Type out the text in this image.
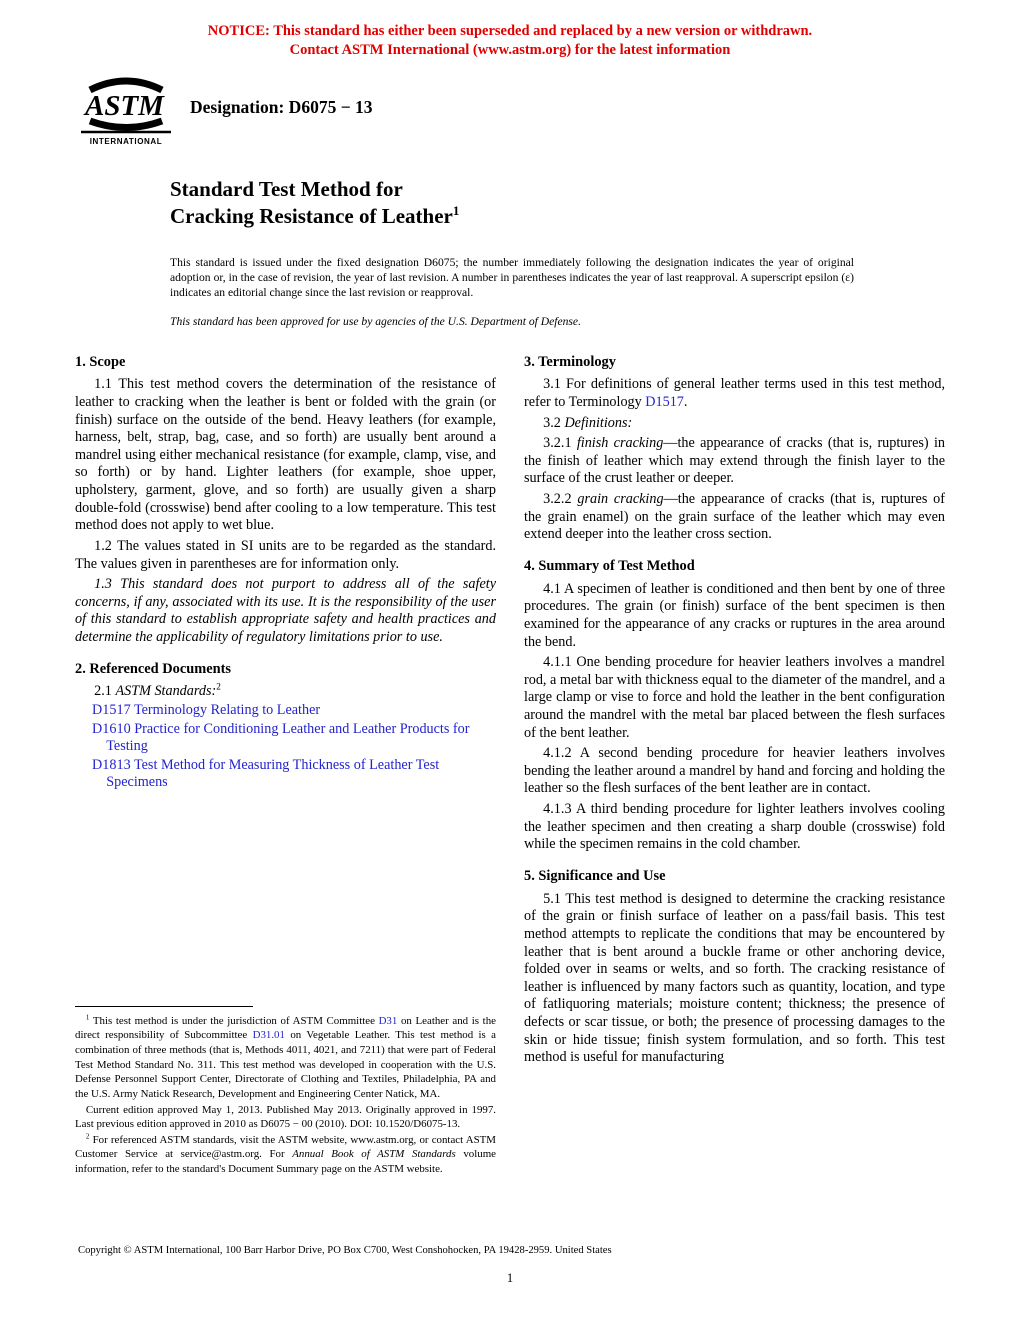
NOTICE: This standard has either been superseded and replaced by a new version or withdrawn.
Contact ASTM International (www.astm.org) for the latest information
ASTM
INTERNATIONAL
Designation: D6075 − 13
Standard Test Method for
Cracking Resistance of Leather$^1$

This standard is issued under the fixed designation D6075; the number immediately following the designation indicates the year of original adoption or, in the case of revision, the year of last revision. A number in parentheses indicates the year of last reapproval. A superscript epsilon (ε) indicates an editorial change since the last revision or reapproval.

This standard has been approved for use by agencies of the U.S. Department of Defense.

1. Scope

1.1 This test method covers the determination of the resistance of leather to cracking when the leather is bent or folded with the grain (or finish) surface on the outside of the bend. Heavy leathers (for example, harness, belt, strap, bag, case, and so forth) are usually bent around a mandrel using either mechanical resistance (for example, clamp, vise, and so forth) or by hand. Lighter leathers (for example, shoe upper, upholstery, garment, glove, and so forth) are usually given a sharp double-fold (crosswise) bend after cooling to a low temperature. This test method does not apply to wet blue.

1.2 The values stated in SI units are to be regarded as the standard. The values given in parentheses are for information only.

1.3 This standard does not purport to address all of the safety concerns, if any, associated with its use. It is the responsibility of the user of this standard to establish appropriate safety and health practices and determine the applicability of regulatory limitations prior to use.

2. Referenced Documents

2.1 ASTM Standards:$^2$

D1517 Terminology Relating to Leather

D1610 Practice for Conditioning Leather and Leather Products for Testing

D1813 Test Method for Measuring Thickness of Leather Test Specimens

$^1$ This test method is under the jurisdiction of ASTM Committee D31 on Leather and is the direct responsibility of Subcommittee D31.01 on Vegetable Leather. This test method is a combination of three methods (that is, Methods 4011, 4021, and 7211) that were part of Federal Test Method Standard No. 311. This test method was developed in cooperation with the U.S. Defense Personnel Support Center, Directorate of Clothing and Textiles, Philadelphia, PA and the U.S. Army Natick Research, Development and Engineering Center Natick, MA.

Current edition approved May 1, 2013. Published May 2013. Originally approved in 1997. Last previous edition approved in 2010 as D6075 − 00 (2010). DOI: 10.1520/D6075-13.

$^2$ For referenced ASTM standards, visit the ASTM website, www.astm.org, or contact ASTM Customer Service at service@astm.org. For Annual Book of ASTM Standards volume information, refer to the standard's Document Summary page on the ASTM website.

3. Terminology

3.1 For definitions of general leather terms used in this test method, refer to Terminology D1517.

3.2 Definitions:

3.2.1 finish cracking—the appearance of cracks (that is, ruptures) in the finish of leather which may extend through the finish layer to the surface of the crust leather or deeper.

3.2.2 grain cracking—the appearance of cracks (that is, ruptures of the grain enamel) on the grain surface of the leather which may even extend deeper into the leather cross section.

4. Summary of Test Method

4.1 A specimen of leather is conditioned and then bent by one of three procedures. The grain (or finish) surface of the bent specimen is then examined for the appearance of any cracks or ruptures in the area around the bend.

4.1.1 One bending procedure for heavier leathers involves a mandrel rod, a metal bar with thickness equal to the diameter of the mandrel, and a large clamp or vise to force and hold the leather in the bent configuration around the mandrel with the metal bar placed between the flesh surfaces of the bent leather.

4.1.2 A second bending procedure for heavier leathers involves bending the leather around a mandrel by hand and forcing and holding the leather so the flesh surfaces of the bent leather are in contact.

4.1.3 A third bending procedure for lighter leathers involves cooling the leather specimen and then creating a sharp double (crosswise) fold while the specimen remains in the cold chamber.

5. Significance and Use

5.1 This test method is designed to determine the cracking resistance of the grain or finish surface of leather on a pass/fail basis. This test method attempts to replicate the conditions that may be encountered by leather that is bent around a buckle frame or other anchoring device, folded over in seams or welts, and so forth. The cracking resistance of leather is influenced by many factors such as quantity, location, and type of fatliquoring materials; moisture content; thickness; the presence of defects or scar tissue, or both; the presence of processing damages to the skin or hide tissue; finish system formulation, and so forth. This test method is useful for manufacturing

Copyright © ASTM International, 100 Barr Harbor Drive, PO Box C700, West Conshohocken, PA 19428-2959. United States
1
